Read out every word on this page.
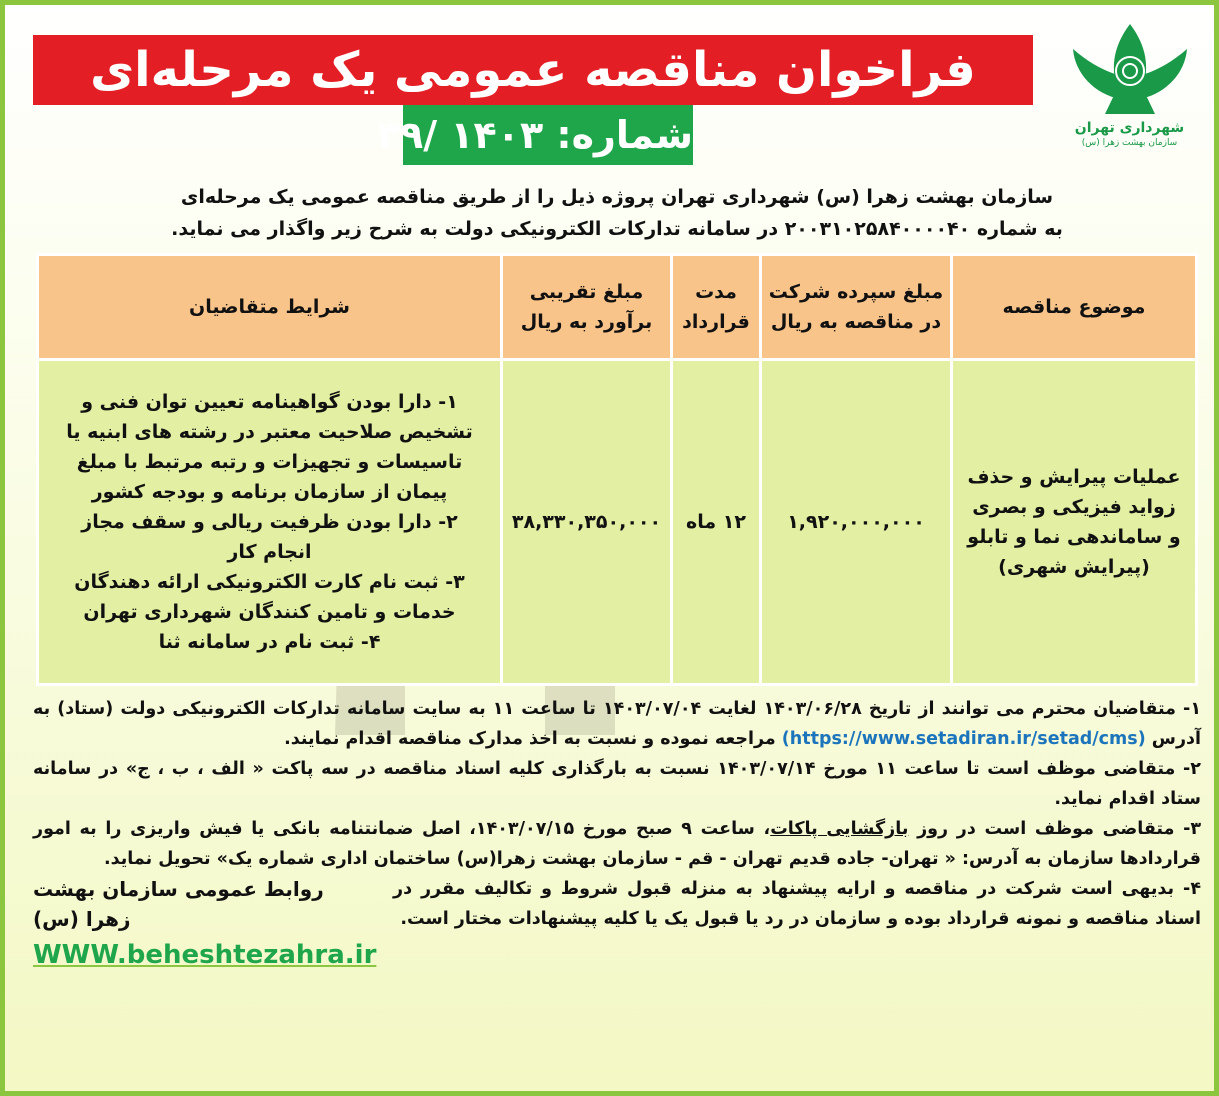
فراخوان مناقصه عمومی یک مرحله‌ای
شماره: ۱۴۰۳ /۳۹	شهرداری تهران
سازمان بهشت زهرا (س)

سازمان بهشت زهرا (س) شهرداری تهران پروژه ذیل را از طریق مناقصه عمومی یک مرحله‌ای

به شماره ۲۰۰۳۱۰۲۵۸۴۰۰۰۰۴۰ در سامانه تدارکات الکترونیکی دولت به شرح زیر واگذار می نماید.

موضوع مناقصه	مبلغ سپرده شرکت در مناقصه به ریال	مدت قرارداد	مبلغ تقریبی برآورد به ریال	شرایط متقاضیان
عملیات پیرایش و حذف زواید فیزیکی و بصری و ساماندهی نما و تابلو (پیرایش شهری)	۱,۹۲۰,۰۰۰,۰۰۰	۱۲ ماه	۳۸,۳۳۰,۳۵۰,۰۰۰	۱- دارا بودن گواهینامه تعیین توان فنی و تشخیص صلاحیت معتبر در رشته های ابنیه یا تاسیسات و تجهیزات و رتبه مرتبط با مبلغ پیمان از سازمان برنامه و بودجه کشور
۲- دارا بودن ظرفیت ریالی و سقف مجاز انجام کار
۳- ثبت نام کارت الکترونیکی ارائه دهندگان خدمات و تامین کنندگان شهرداری تهران
۴- ثبت نام در سامانه ثنا

۱- متقاضیان محترم می توانند از تاریخ ۱۴۰۳/۰۶/۲۸ لغایت ۱۴۰۳/۰۷/۰۴ تا ساعت ۱۱ به سایت سامانه تدارکات الکترونیکی دولت (ستاد) به آدرس (https://www.setadiran.ir/setad/cms) مراجعه نموده و نسبت به اخذ مدارک مناقصه اقدام نمایند.

۲- متقاضی موظف است تا ساعت ۱۱ مورخ ۱۴۰۳/۰۷/۱۴ نسبت به بارگذاری کلیه اسناد مناقصه در سه پاکت « الف ، ب ، ج» در سامانه ستاد اقدام نماید.

۳- متقاضی موظف است در روز بازگشایی پاکات، ساعت ۹ صبح مورخ ۱۴۰۳/۰۷/۱۵، اصل ضمانتنامه بانکی یا فیش واریزی را به امور قراردادها سازمان به آدرس: « تهران- جاده قدیم تهران - قم - سازمان بهشت زهرا(س) ساختمان اداری شماره یک» تحویل نماید.

۴- بدیهی است شرکت در مناقصه و ارایه پیشنهاد به منزله قبول شروط و تکالیف مقرر در اسناد مناقصه و نمونه قرارداد بوده و سازمان در رد یا قبول یک یا کلیه پیشنهادات مختار است.

روابط عمومی سازمان بهشت زهرا (س)
WWW.beheshtezahra.ir
